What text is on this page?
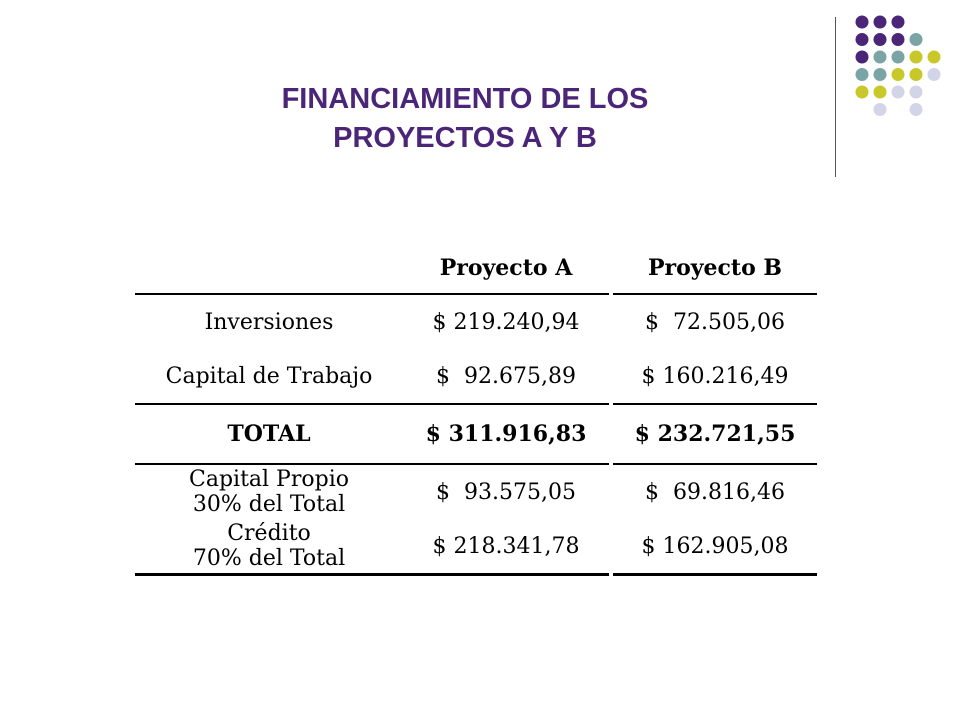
FINANCIAMIENTO DE LOS
PROYECTOS A Y B
	Proyecto A	Proyecto B
Inversiones	$ 219.240,94	$  72.505,06
Capital de Trabajo	$  92.675,89	$ 160.216,49
TOTAL	$ 311.916,83	$ 232.721,55

Capital Propio
30% del Total	$  93.575,05	$  69.816,46

Crédito
70% del Total	$ 218.341,78	$ 162.905,08
